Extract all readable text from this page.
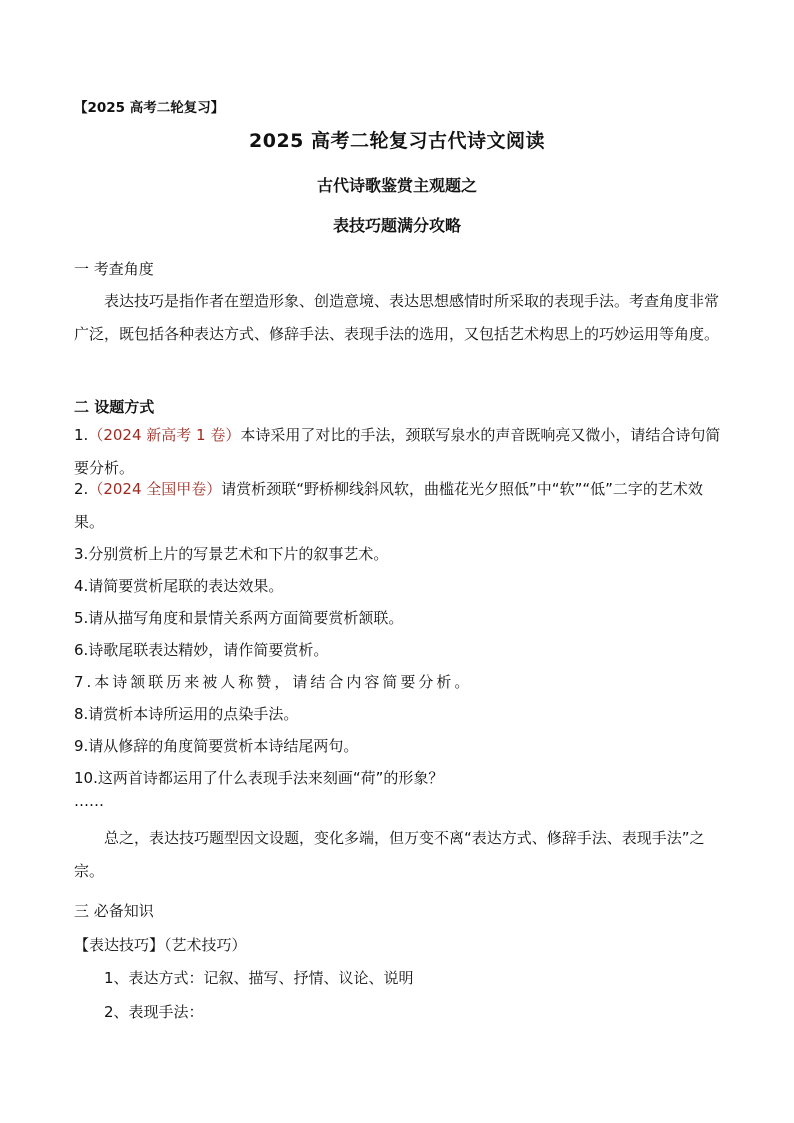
【2025 高考二轮复习】
2025 高考二轮复习古代诗文阅读
古代诗歌鉴赏主观题之
表技巧题满分攻略
一 考查角度
表达技巧是指作者在塑造形象、创造意境、表达思想感情时所采取的表现手法。考查角度非常广泛，既包括各种表达方式、修辞手法、表现手法的选用，又包括艺术构思上的巧妙运用等角度。
二 设题方式
1.（2024 新高考 1 卷）本诗采用了对比的手法，颈联写泉水的声音既响亮又微小，请结合诗句简要分析。
2.（2024 全国甲卷）请赏析颈联“野桥柳线斜风软，曲槛花光夕照低”中“软”“低”二字的艺术效果。
3.分别赏析上片的写景艺术和下片的叙事艺术。
4.请简要赏析尾联的表达效果。
5.请从描写角度和景情关系两方面简要赏析颔联。
6.诗歌尾联表达精妙，请作简要赏析。
7.本诗颔联历来被人称赞，请结合内容简要分析。
8.请赏析本诗所运用的点染手法。
9.请从修辞的角度简要赏析本诗结尾两句。
10.这两首诗都运用了什么表现手法来刻画“荷”的形象？
……
总之，表达技巧题型因文设题，变化多端，但万变不离“表达方式、修辞手法、表现手法”之宗。
三 必备知识
【表达技巧】（艺术技巧）
1、表达方式：记叙、描写、抒情、议论、说明
2、表现手法：
